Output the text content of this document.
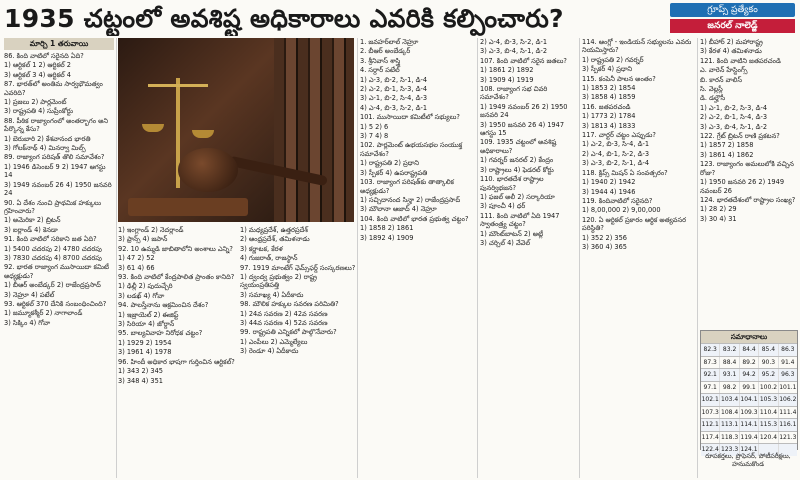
1935 చట్టంలో అవశిష్ట అధికారాలు ఎవరికి కల్పించారు?	గ్రూప్స్ ప్రత్యేకం
జనరల్ నాలెడ్జ్
మార్చి 1 తరువాయి
86. కింది వాటిలో సరైనది ఏది?
1) ఆర్టికల్ 1 2) ఆర్టికల్ 2
3) ఆర్టికల్ 3 4) ఆర్టికల్ 4
87. భారత్‌లో అంతిమ సార్వభౌమత్వం ఎవరిది?
1) ప్రజలు 2) పార్లమెంట్
3) రాష్ట్రపతి 4) సుప్రీంకోర్టు
88. పీఠిక రాజ్యాంగంలో అంతర్భాగం అని పేర్కొన్న కేసు?
1) బెరుబారి 2) కేశవానంద భారతి
3) గోలక్‌నాథ్ 4) మినర్వా మిల్స్
89. రాజ్యాంగ పరిషత్ తొలి సమావేశం?
1) 1946 డిసెంబర్ 9 2) 1947 ఆగస్టు 14
3) 1949 నవంబర్ 26 4) 1950 జనవరి 24
90. ఏ దేశం నుంచి ప్రాథమిక హక్కులు గ్రహించారు?
1) అమెరికా 2) బ్రిటన్
3) ఐర్లాండ్ 4) కెనడా
91. కింది వాటిలో సరికాని జత ఏది?
1) 5400 చదరపు 2) 4780 చదరపు
3) 7830 చదరపు 4) 8700 చదరపు
92. భారత రాజ్యాంగ ముసాయిదా కమిటీ అధ్యక్షుడు?
1) బీఆర్ అంబేడ్కర్ 2) రాజేంద్రప్రసాద్
3) నెహ్రూ 4) పటేల్
93. ఆర్టికల్ 370 దేనికి సంబంధించింది?
1) జమ్మూకశ్మీర్ 2) నాగాలాండ్
3) సిక్కిం 4) గోవా
1) ఇంగ్లాండ్ 2) నెదర్లాండ్
3) ఫ్రాన్స్ 4) జపాన్
92. 10 ఉమ్మడి జాబితాలోని అంశాలు ఎన్ని?
1) 47 2) 52
3) 61 4) 66
93. కింది వాటిలో కేంద్రపాలిత ప్రాంతం కానిది?
1) ఢిల్లీ 2) పుదుచ్చేరి
3) లడఖ్ 4) గోవా
94. పాలస్తీనాను ఆక్రమించిన దేశం?
1) ఇజ్రాయెల్ 2) ఈజిప్ట్
3) సిరియా 4) జోర్డాన్
95. బాల్యవివాహ నిరోధక చట్టం?
1) 1929 2) 1954
3) 1961 4) 1978
96. హిందీ అధికార భాషగా గుర్తించిన ఆర్టికల్?
1) 343 2) 345
3) 348 4) 351
1) మధ్యప్రదేశ్, ఉత్తరప్రదేశ్
2) ఆంధ్రప్రదేశ్, తమిళనాడు
3) కర్ణాటక, కేరళ
4) గుజరాత్, రాజస్థాన్
97. 1919 మాంటేగ్ ఛెమ్స్‌ఫర్డ్ సంస్కరణలు?
1) ద్వంద్వ ప్రభుత్వం 2) రాష్ట్ర స్వయంప్రతిపత్తి
3) సమాఖ్య 4) ఏదీకాదు
98. మౌలిక హక్కుల సవరణ పరిమితి?
1) 24వ సవరణ 2) 42వ సవరణ
3) 44వ సవరణ 4) 52వ సవరణ
99. రాష్ట్రపతి ఎన్నికలో పాల్గొనేవారు?
1) ఎంపీలు 2) ఎమ్మెల్యేలు
3) రెండూ 4) ఏదీకాదు
1. జవహర్‌లాల్ నెహ్రూ
2. బీఆర్ అంబేడ్కర్
3. శ్రీనివాస్ శాస్త్రి
4. సర్దార్ పటేల్
1) ఎ-3, బి-2, సి-1, డి-4
2) ఎ-2, బి-1, సి-3, డి-4
3) ఎ-1, బి-2, సి-4, డి-3
4) ఎ-4, బి-3, సి-2, డి-1
101. ముసాయిదా కమిటీలో సభ్యులు?
1) 5 2) 6
3) 7 4) 8
102. పార్లమెంట్ ఉభయసభల సంయుక్త సమావేశం?
1) రాష్ట్రపతి 2) ప్రధాని
3) స్పీకర్ 4) ఉపరాష్ట్రపతి
103. రాజ్యాంగ పరిషత్‌కు తాత్కాలిక అధ్యక్షుడు?
1) సచ్చిదానంద సిన్హా 2) రాజేంద్రప్రసాద్
3) మౌలానా ఆజాద్ 4) నెహ్రూ
104. కింది వాటిలో భారత ప్రభుత్వ చట్టం?
1) 1858 2) 1861
3) 1892 4) 1909
2) ఎ-4, బి-3, సి-2, డి-1
3) ఎ-3, బి-4, సి-1, డి-2
107. కింది వాటిలో సరైన జతలు?
1) 1861 2) 1892
3) 1909 4) 1919
108. రాజ్యాంగ సభ చివరి సమావేశం?
1) 1949 నవంబర్ 26 2) 1950 జనవరి 24
3) 1950 జనవరి 26 4) 1947 ఆగస్టు 15
109. 1935 చట్టంలో అవశిష్ట అధికారాలు?
1) గవర్నర్ జనరల్ 2) కేంద్రం
3) రాష్ట్రాలు 4) ఫెడరల్ కోర్టు
110. భారతదేశ రాష్ట్రాల పునర్విభజన?
1) ఫజల్ అలీ 2) సర్కారియా
3) పూంచీ 4) ధర్
111. కింది వాటిలో ఏది 1947 స్వాతంత్ర్య చట్టం?
1) మౌంట్‌బాటన్ 2) అట్లీ
3) చర్చిల్ 4) వేవెల్
114. ఆంగ్లో - ఇండియన్ సభ్యులను ఎవరు నియమిస్తారు?
1) రాష్ట్రపతి 2) గవర్నర్
3) స్పీకర్ 4) ప్రధాని
115. కంపెనీ పాలన అంతం?
1) 1853 2) 1854
3) 1858 4) 1859
116. జతపరచండి
1) 1773 2) 1784
3) 1813 4) 1833
117. చార్టర్ చట్టం ఎప్పుడు?
1) ఎ-2, బి-3, సి-4, డి-1
2) ఎ-4, బి-1, సి-2, డి-3
3) ఎ-3, బి-2, సి-1, డి-4
118. క్రిప్స్ మిషన్ ఏ సంవత్సరం?
1) 1940 2) 1942
3) 1944 4) 1946
119. కిందివాటిలో సరైనది?
1) 8,00,000 2) 9,00,000
120. ఏ ఆర్టికల్ ప్రకారం ఆర్థిక అత్యవసర పరిస్థితి?
1) 352 2) 356
3) 360 4) 365
1) బీహార్ 2) మహారాష్ట్ర
3) కేరళ 4) తమిళనాడు
121. కింది వాటిని జతపరచండి
ఎ. వారెన్ హేస్టింగ్స్
బి. కారన్ వాలిస్
సి. వెల్లస్లీ
డి. డల్హౌసీ
1) ఎ-1, బి-2, సి-3, డి-4
2) ఎ-2, బి-1, సి-4, డి-3
3) ఎ-3, బి-4, సి-1, డి-2
122. గ్రేట్ బ్రిటన్ రాణి ప్రకటన?
1) 1857 2) 1858
3) 1861 4) 1862
123. రాజ్యాంగం అమలులోకి వచ్చిన రోజు?
1) 1950 జనవరి 26 2) 1949 నవంబర్ 26
124. భారతదేశంలో రాష్ట్రాల సంఖ్య?
1) 28 2) 29
3) 30 4) 31
సమాధానాలు
82.3	83.2	84.4	85.4	86.3
87.3	88.4	89.2	90.3	91.4
92.1	93.1	94.2	95.2	96.3
97.1	98.2	99.1 100.2 101.1
102.1 103.4 104.1 105.3 106.2
107.3 108.4 109.3 110.4 111.4
112.1 113.1 114.1 115.3 116.1
117.4 118.3 119.4 120.4 121.3
122.4 123.3 124.1
రూపకర్తలు, ప్రొఫెసర్, పోటీపరీక్షలు, హనుమకొండ
